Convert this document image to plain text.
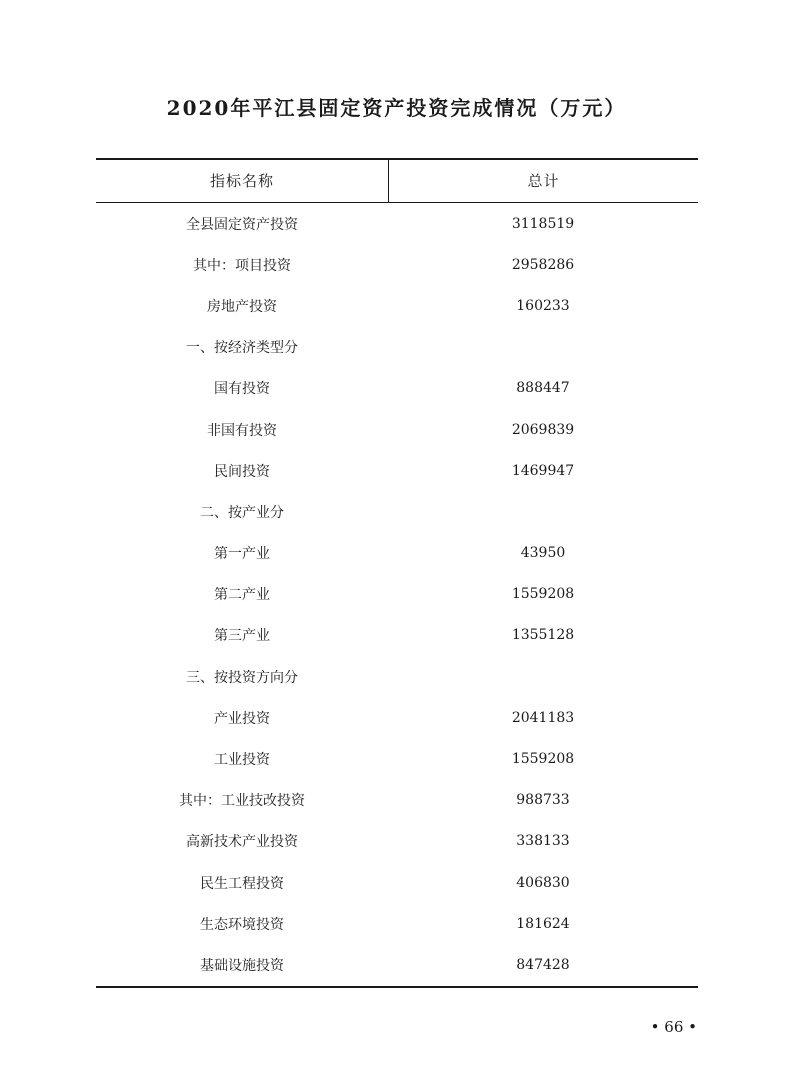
2020年平江县固定资产投资完成情况（万元）
指标名称	总计
全县固定资产投资
其中：项目投资
房地产投资
一、按经济类型分
国有投资
非国有投资
民间投资
二、按产业分
第一产业
第二产业
第三产业
三、按投资方向分
产业投资
工业投资
其中：工业技改投资
高新技术产业投资
民生工程投资
生态环境投资
基础设施投资
3118519
2958286
160233
888447
2069839
1469947
43950
1559208
1355128
2041183
1559208
988733
338133
406830
181624
847428
• 66 •
